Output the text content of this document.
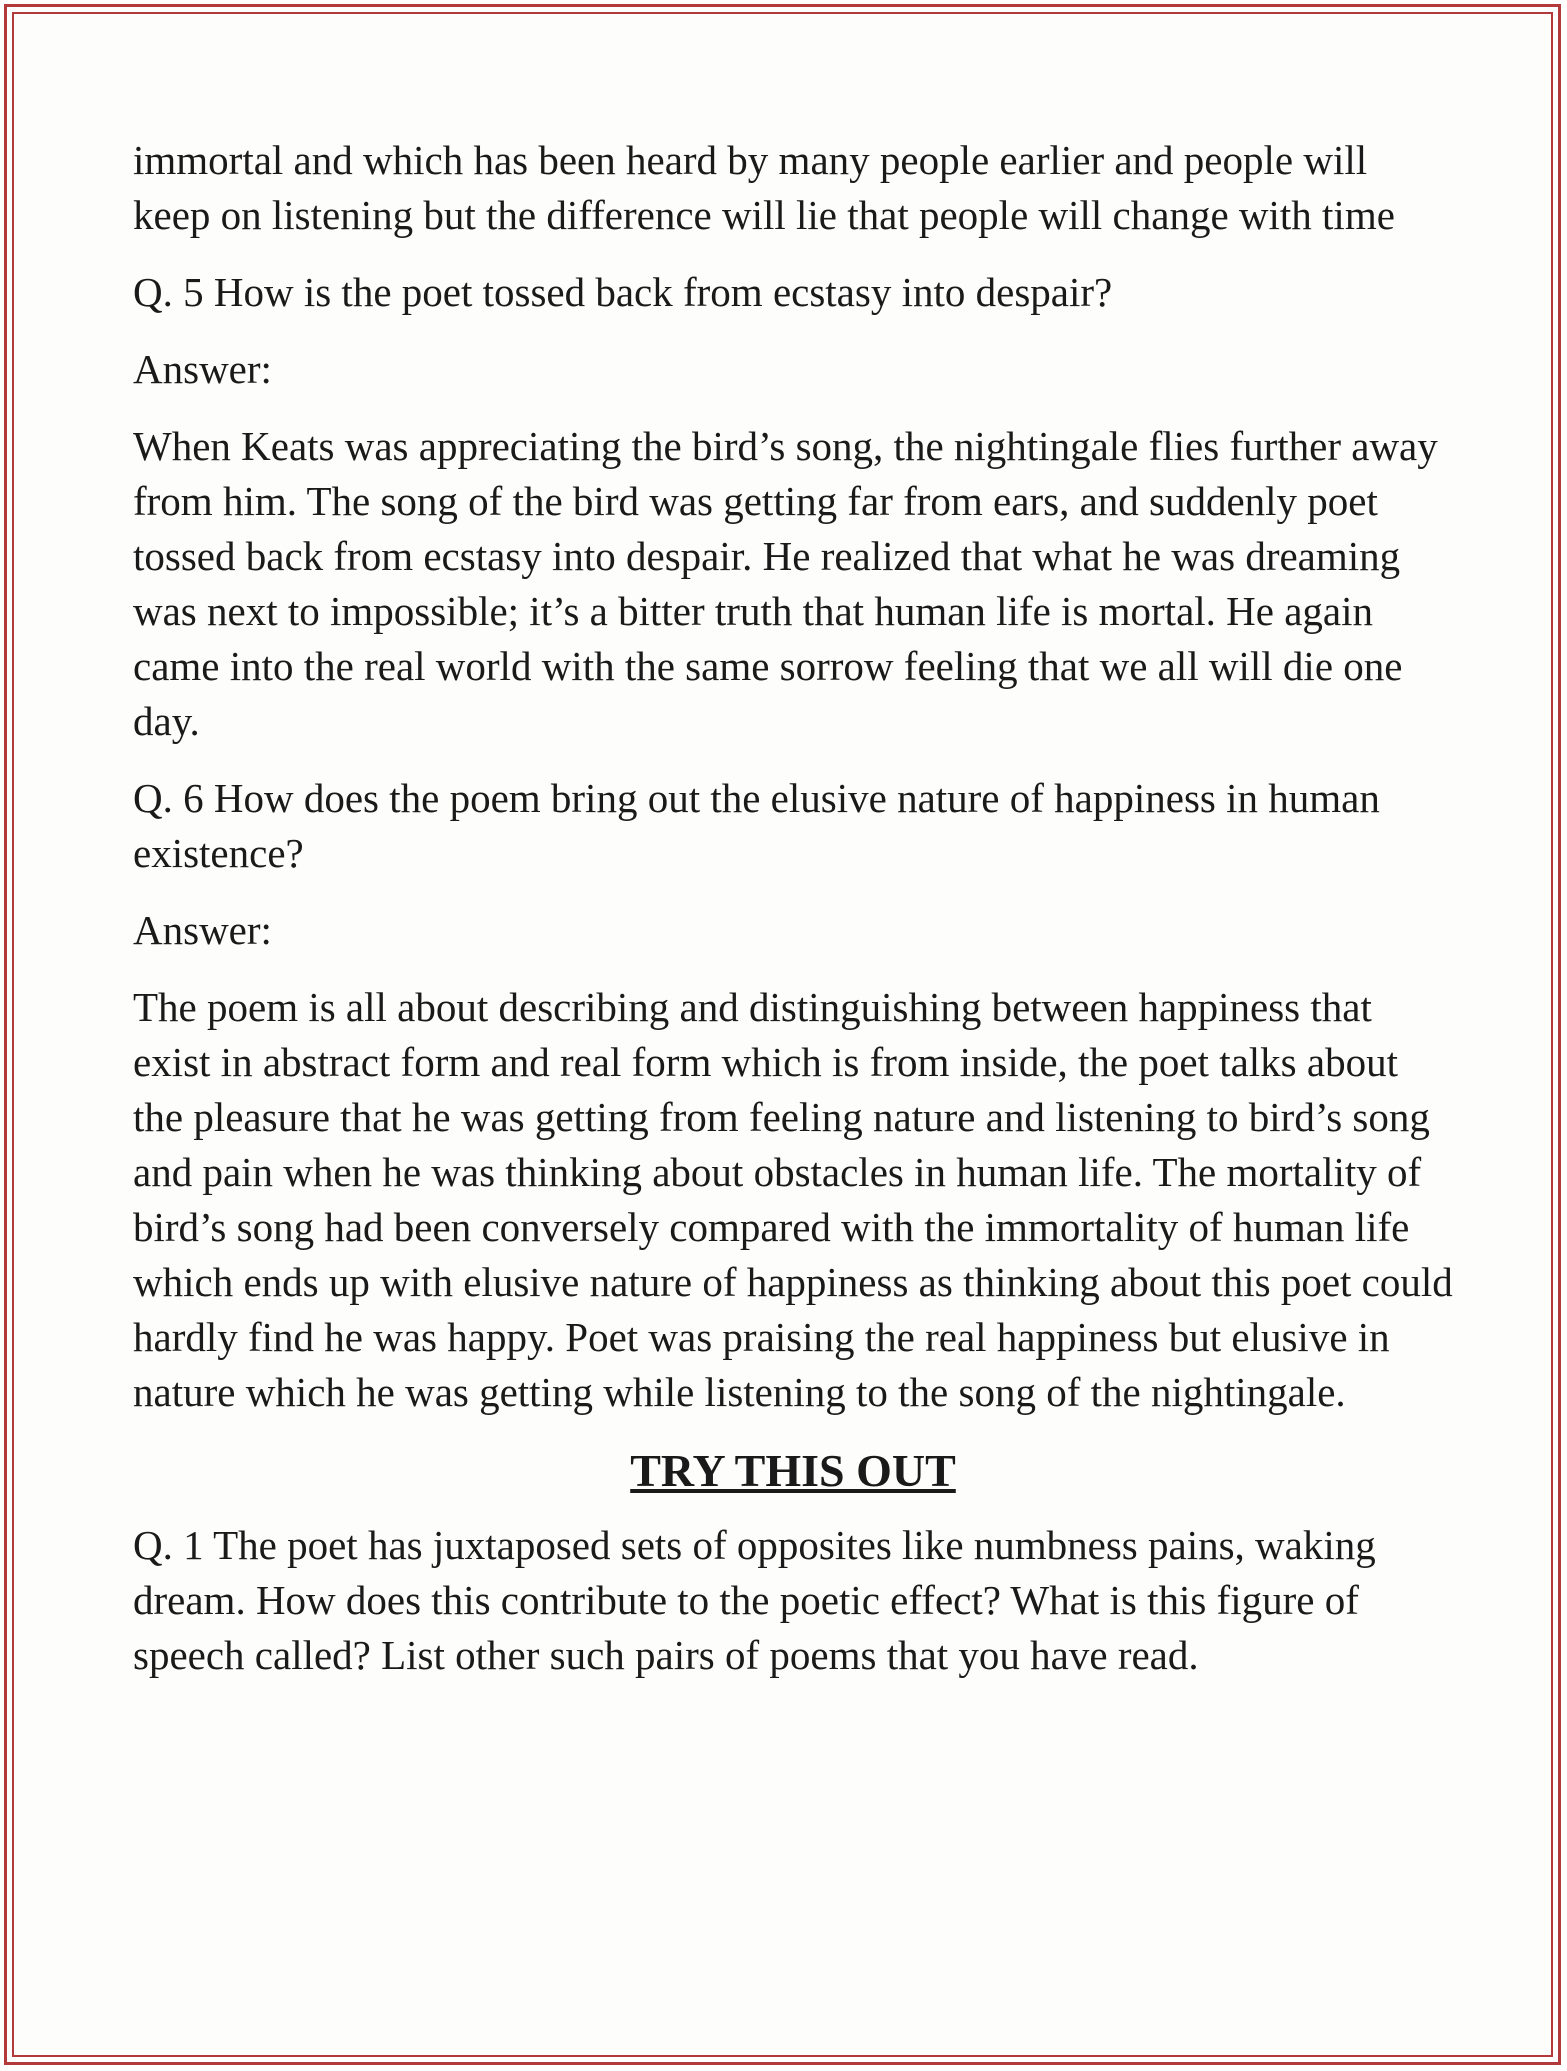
immortal and which has been heard by many people earlier and people will keep on listening but the difference will lie that people will change with time

Q. 5 How is the poet tossed back from ecstasy into despair?

Answer:

When Keats was appreciating the bird’s song, the nightingale flies further away from him. The song of the bird was getting far from ears, and suddenly poet tossed back from ecstasy into despair. He realized that what he was dreaming was next to impossible; it’s a bitter truth that human life is mortal. He again came into the real world with the same sorrow feeling that we all will die one day.

Q. 6 How does the poem bring out the elusive nature of happiness in human existence?

Answer:

The poem is all about describing and distinguishing between happiness that exist in abstract form and real form which is from inside, the poet talks about the pleasure that he was getting from feeling nature and listening to bird’s song and pain when he was thinking about obstacles in human life. The mortality of bird’s song had been conversely compared with the immortality of human life which ends up with elusive nature of happiness as thinking about this poet could hardly find he was happy. Poet was praising the real happiness but elusive in nature which he was getting while listening to the song of the nightingale.

TRY THIS OUT

Q. 1 The poet has juxtaposed sets of opposites like numbness pains, waking dream. How does this contribute to the poetic effect? What is this figure of speech called? List other such pairs of poems that you have read.
